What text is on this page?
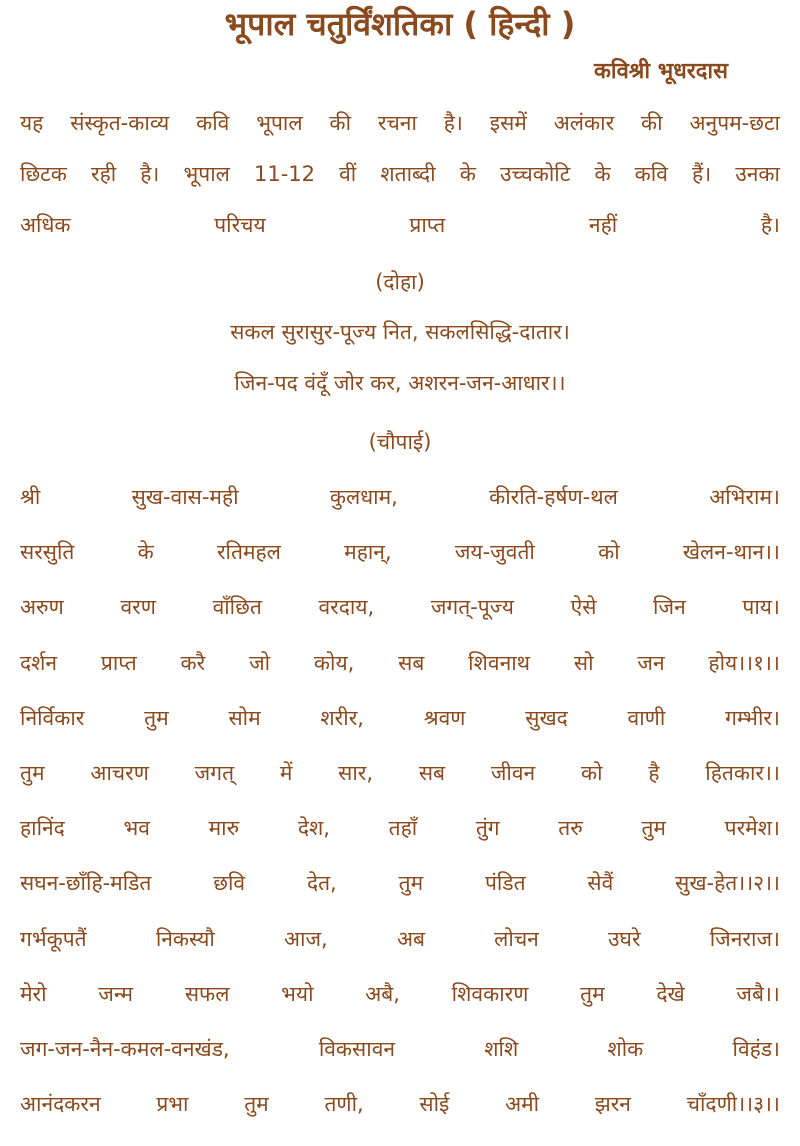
भूपाल चतुर्विंशतिका ( हिन्दी )
कविश्री भूधरदास
यह संस्कृत-काव्य कवि भूपाल की रचना है। इसमें अलंकार की अनुपम-छटा
छिटक रही है। भूपाल 11-12 वीं शताब्दी के उच्चकोटि के कवि हैं। उनका
अधिक परिचय प्राप्त नहीं है।
(दोहा)
सकल सुरासुर-पूज्य नित, सकलसिद्धि-दातार।
जिन-पद वंदूँ जोर कर, अशरन-जन-आधार।।
(चौपाई)
श्री	सुख-वास-मही	कुलधाम,	कीरति-हर्षण-थल	अभिराम।
सरसुति	के	रतिमहल	महान्,	जय-जुवती	को	खेलन-थान।।
अरुण	वरण	वाँछित	वरदाय,	जगत्-पूज्य	ऐसे	जिन	पाय।
दर्शन प्राप्त करै जो कोय, सब शिवनाथ सो जन होय।।१।।
निर्विकार	तुम	सोम	शरीर,	श्रवण	सुखद	वाणी	गम्भीर।
तुम आचरण जगत् में सार, सब जीवन को है हितकार।।
हानिंद	भव	मारु	देश,	तहाँ	तुंग	तरु	तुम	परमेश।
सघन-छाँहि-मडित	छवि	देत,	तुम	पंडित	सेवैं	सुख-हेत।।२।।
गर्भकूपतैं	निकस्यौ	आज,	अब	लोचन	उघरे	जिनराज।
मेरो जन्म सफल भयो अबै, शिवकारण तुम देखे जबै।।
जग-जन-नैन-कमल-वनखंड,	विकसावन	शशि	शोक	विहंड।
आनंदकरन	प्रभा	तुम	तणी,	सोई	अमी	झरन	चाँदणी।।३।।
